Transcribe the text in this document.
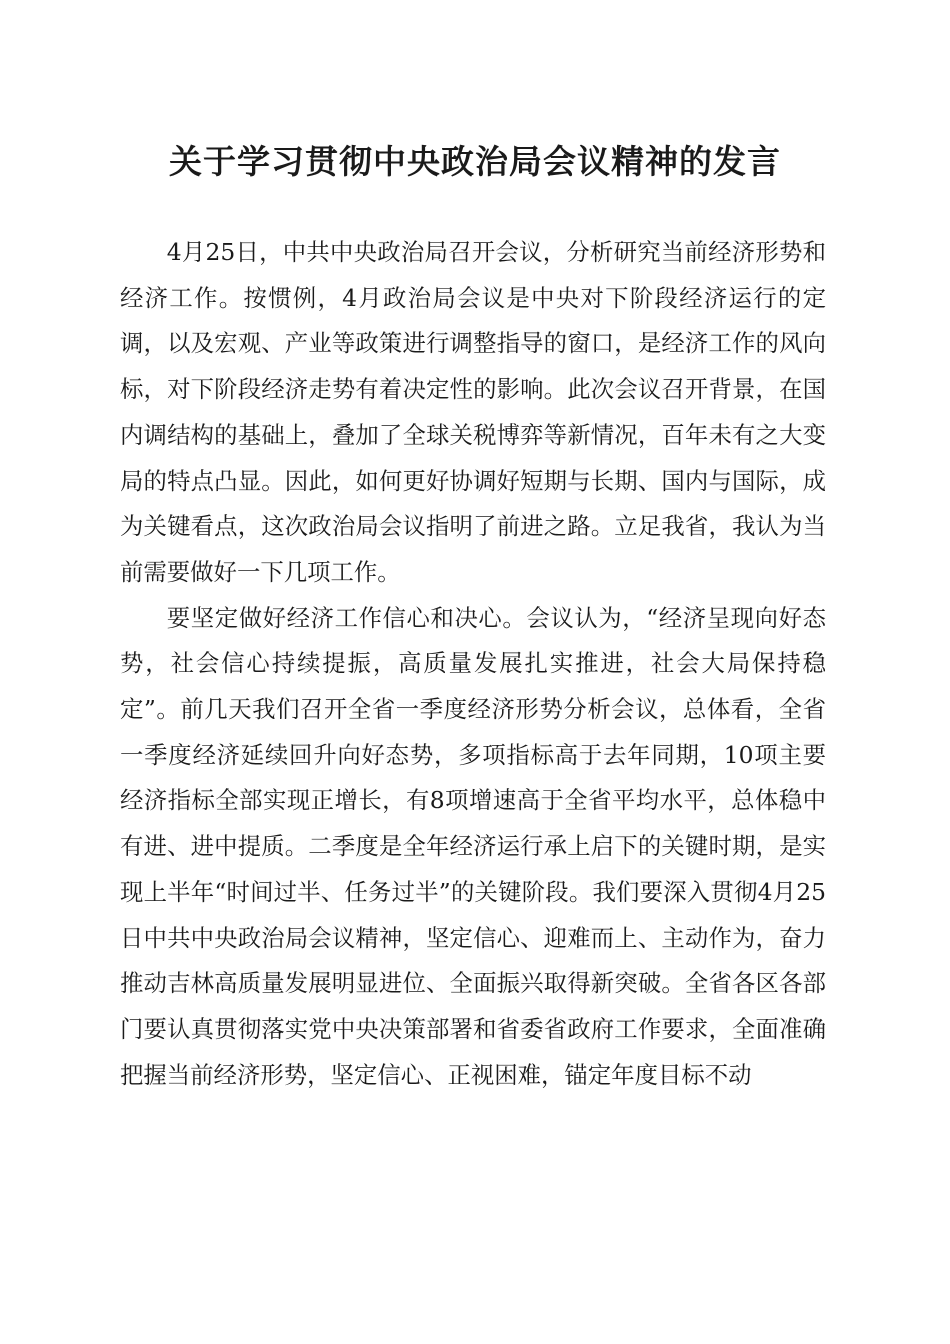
关于学习贯彻中央政治局会议精神的发言

4月25日，中共中央政治局召开会议，分析研究当前经济形势和经济工作。按惯例，4月政治局会议是中央对下阶段经济运行的定调，以及宏观、产业等政策进行调整指导的窗口，是经济工作的风向标，对下阶段经济走势有着决定性的影响。此次会议召开背景，在国内调结构的基础上，叠加了全球关税博弈等新情况，百年未有之大变局的特点凸显。因此，如何更好协调好短期与长期、国内与国际，成为关键看点，这次政治局会议指明了前进之路。立足我省，我认为当前需要做好一下几项工作。

要坚定做好经济工作信心和决心。会议认为，“经济呈现向好态势，社会信心持续提振，高质量发展扎实推进，社会大局保持稳定”。前几天我们召开全省一季度经济形势分析会议，总体看，全省一季度经济延续回升向好态势，多项指标高于去年同期，10项主要经济指标全部实现正增长，有8项增速高于全省平均水平，总体稳中有进、进中提质。二季度是全年经济运行承上启下的关键时期，是实现上半年“时间过半、任务过半”的关键阶段。我们要深入贯彻4月25日中共中央政治局会议精神，坚定信心、迎难而上、主动作为，奋力推动吉林高质量发展明显进位、全面振兴取得新突破。全省各区各部门要认真贯彻落实党中央决策部署和省委省政府工作要求，全面准确把握当前经济形势，坚定信心、正视困难，锚定年度目标不动
